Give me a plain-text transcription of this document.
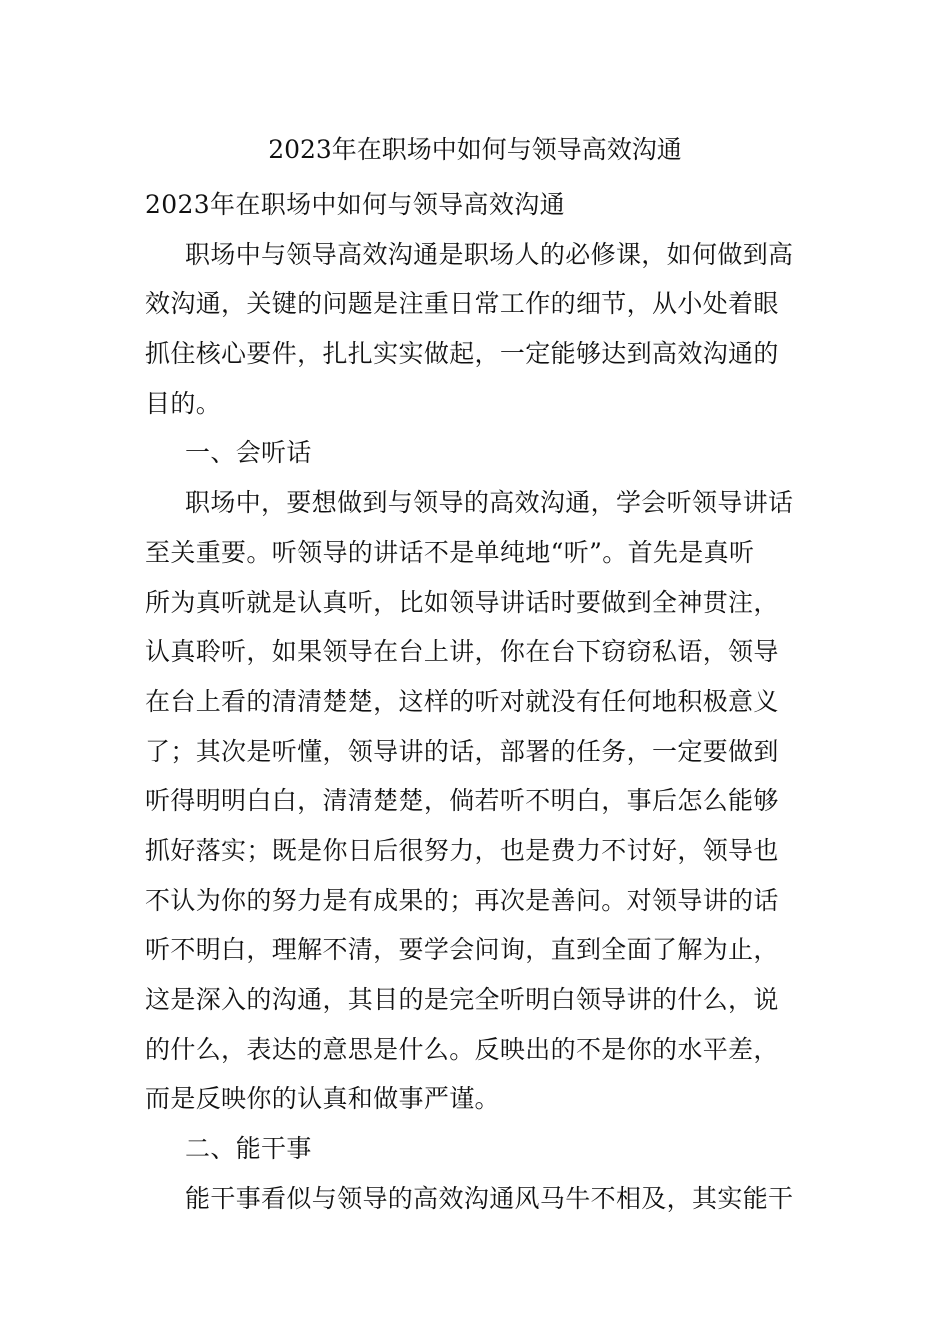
2023年在职场中如何与领导高效沟通
2023年在职场中如何与领导高效沟通
职场中与领导高效沟通是职场人的必修课，如何做到高
效沟通，关键的问题是注重日常工作的细节，从小处着眼
抓住核心要件，扎扎实实做起，一定能够达到高效沟通的
目的。
一、会听话
职场中，要想做到与领导的高效沟通，学会听领导讲话
至关重要。听领导的讲话不是单纯地“听”。首先是真听
所为真听就是认真听，比如领导讲话时要做到全神贯注，
认真聆听，如果领导在台上讲，你在台下窃窃私语，领导
在台上看的清清楚楚，这样的听对就没有任何地积极意义
了；其次是听懂，领导讲的话，部署的任务，一定要做到
听得明明白白，清清楚楚，倘若听不明白，事后怎么能够
抓好落实；既是你日后很努力，也是费力不讨好，领导也
不认为你的努力是有成果的；再次是善问。对领导讲的话
听不明白，理解不清，要学会问询，直到全面了解为止，
这是深入的沟通，其目的是完全听明白领导讲的什么，说
的什么，表达的意思是什么。反映出的不是你的水平差，
而是反映你的认真和做事严谨。
二、能干事
能干事看似与领导的高效沟通风马牛不相及，其实能干
